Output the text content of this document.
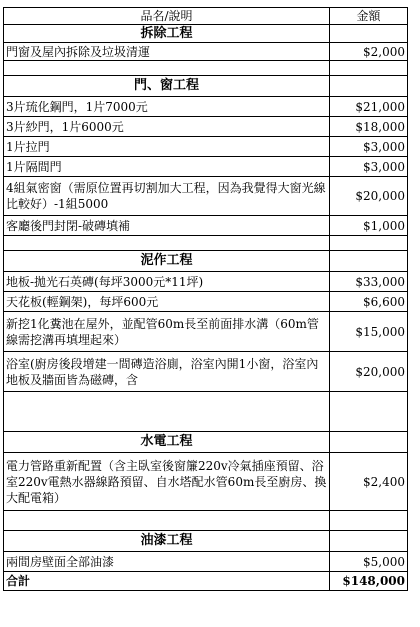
品名/說明	金額
拆除工程	
門窗及屋內拆除及垃圾清運	$2,000

門、窗工程	
3片琉化鋼門，1片7000元	$21,000
3片紗門，1片6000元	$18,000
1片拉門	$3,000
1片隔間門	$3,000
4組氣密窗（需原位置再切割加大工程，因為我覺得大窗光線比較好）-1組5000	$20,000
客廳後門封閉-破磚填補	$1,000

泥作工程	
地板-拋光石英磚(每坪3000元*11坪)	$33,000
天花板(輕鋼架)，每坪600元	$6,600
新挖1化糞池在屋外，並配管60m長至前面排水溝（60m管線需挖溝再填埋起來）	$15,000
浴室(廚房後段增建一間磚造浴廁，浴室內開1小窗，浴室內地板及牆面皆為磁磚，含	$20,000

水電工程	
電力管路重新配置（含主臥室後窗簾220v冷氣插座預留、浴室220v電熱水器線路預留、自水塔配水管60m長至廚房、換大配電箱）	$2,400

油漆工程	
兩間房壁面全部油漆	$5,000
合計	$148,000
